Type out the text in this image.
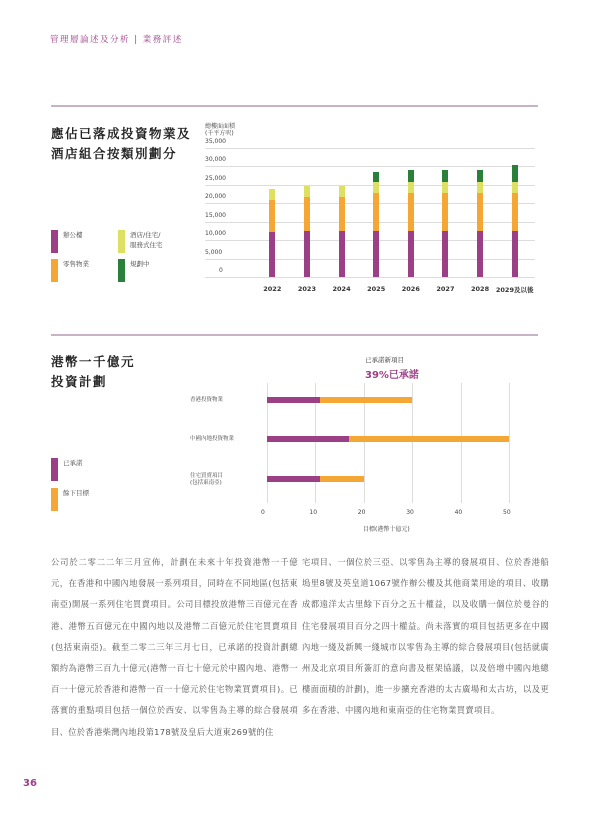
管理層論述及分析 | 業務評述
應佔已落成投資物業及
酒店組合按類別劃分
辦公樓	酒店/住宅/
服務式住宅
零售物業	規劃中
總樓面面積
(千平方呎)
35,000
30,000
25,000
20,000
15,000
10,000
5,000
0
2022	2023	2024	2025	2026	2027	2028	2029及以後
港幣一千億元
投資計劃
已承諾新項目
39%已承諾
已承諾
餘下目標
0	10	20	30	40	50
香港投資物業
中國內地投資物業
住宅買賣項目
(包括東南亞)
目標(港幣十億元)
公司於二零二二年三月宣佈，計劃在未來十年投資港幣一千億元，在香港和中國內地發展一系列項目，同時在不同地區(包括東南亞)開展一系列住宅買賣項目。公司目標投放港幣三百億元在香港、港幣五百億元在中國內地以及港幣二百億元於住宅買賣項目(包括東南亞)。截至二零二三年三月七日，已承諾的投資計劃總額約為港幣三百九十億元(港幣一百七十億元於中國內地、港幣一百一十億元於香港和港幣一百一十億元於住宅物業買賣項目)。已落實的重點項目包括一個位於西安、以零售為主導的綜合發展項目、位於香港柴灣內地段第178號及皇后大道東269號的住
宅項目、一個位於三亞、以零售為主導的發展項目、位於香港船塢里8號及英皇道1067號作辦公樓及其他商業用途的項目、收購成都遠洋太古里餘下百分之五十權益，以及收購一個位於曼谷的住宅發展項目百分之四十權益。尚未落實的項目包括更多在中國內地一綫及新興一綫城市以零售為主導的綜合發展項目(包括就廣州及北京項目所簽訂的意向書及框架協議，以及倍增中國內地總樓面面積的計劃)，進一步擴充香港的太古廣場和太古坊，以及更多在香港、中國內地和東南亞的住宅物業買賣項目。
36
